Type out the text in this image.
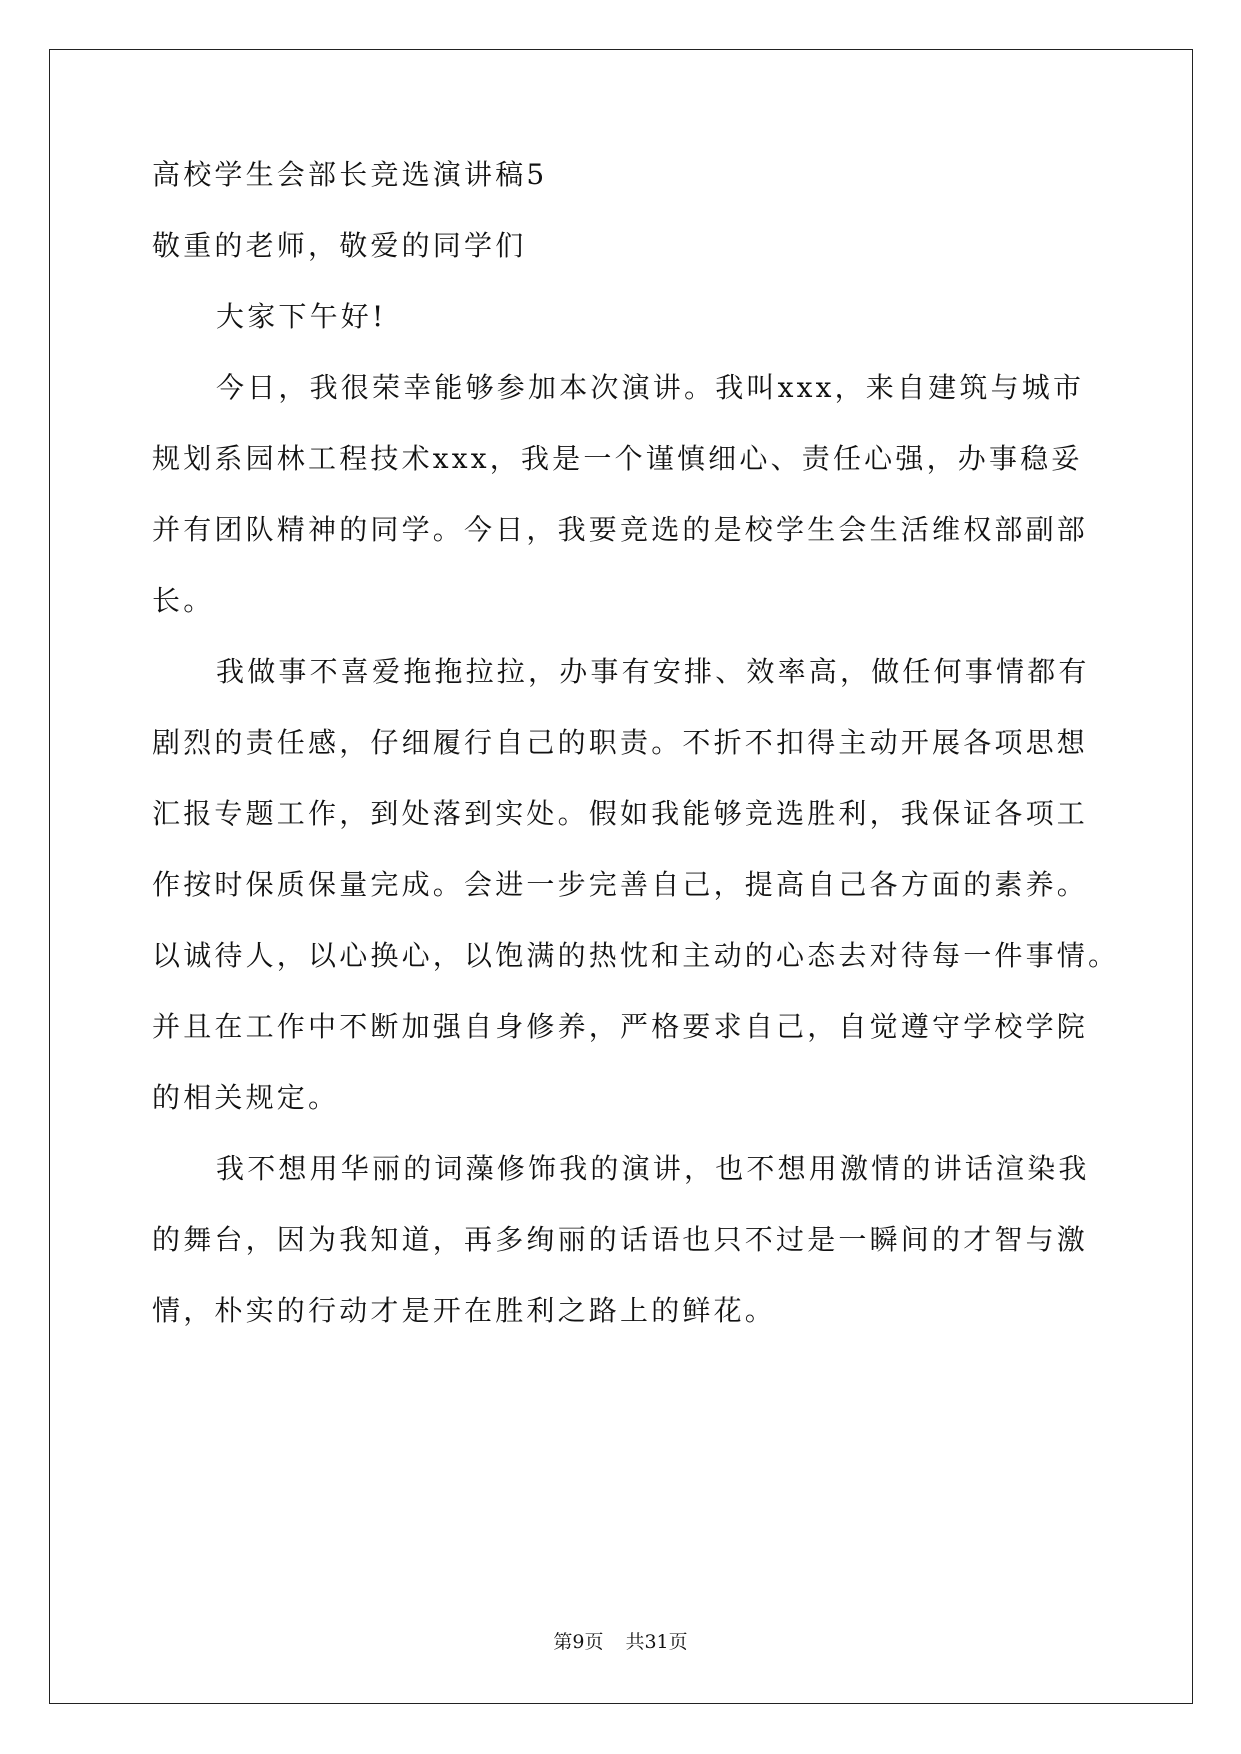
高校学生会部长竞选演讲稿5
敬重的老师，敬爱的同学们
大家下午好!
今日，我很荣幸能够参加本次演讲。我叫xxx，来自建筑与城市
规划系园林工程技术xxx，我是一个谨慎细心、责任心强，办事稳妥
并有团队精神的同学。今日，我要竞选的是校学生会生活维权部副部
长。
我做事不喜爱拖拖拉拉，办事有安排、效率高，做任何事情都有
剧烈的责任感，仔细履行自己的职责。不折不扣得主动开展各项思想
汇报专题工作，到处落到实处。假如我能够竞选胜利，我保证各项工
作按时保质保量完成。会进一步完善自己，提高自己各方面的素养。
以诚待人，以心换心，以饱满的热忱和主动的心态去对待每一件事情。
并且在工作中不断加强自身修养，严格要求自己，自觉遵守学校学院
的相关规定。
我不想用华丽的词藻修饰我的演讲，也不想用激情的讲话渲染我
的舞台，因为我知道，再多绚丽的话语也只不过是一瞬间的才智与激
情，朴实的行动才是开在胜利之路上的鲜花。
第9页 共31页
